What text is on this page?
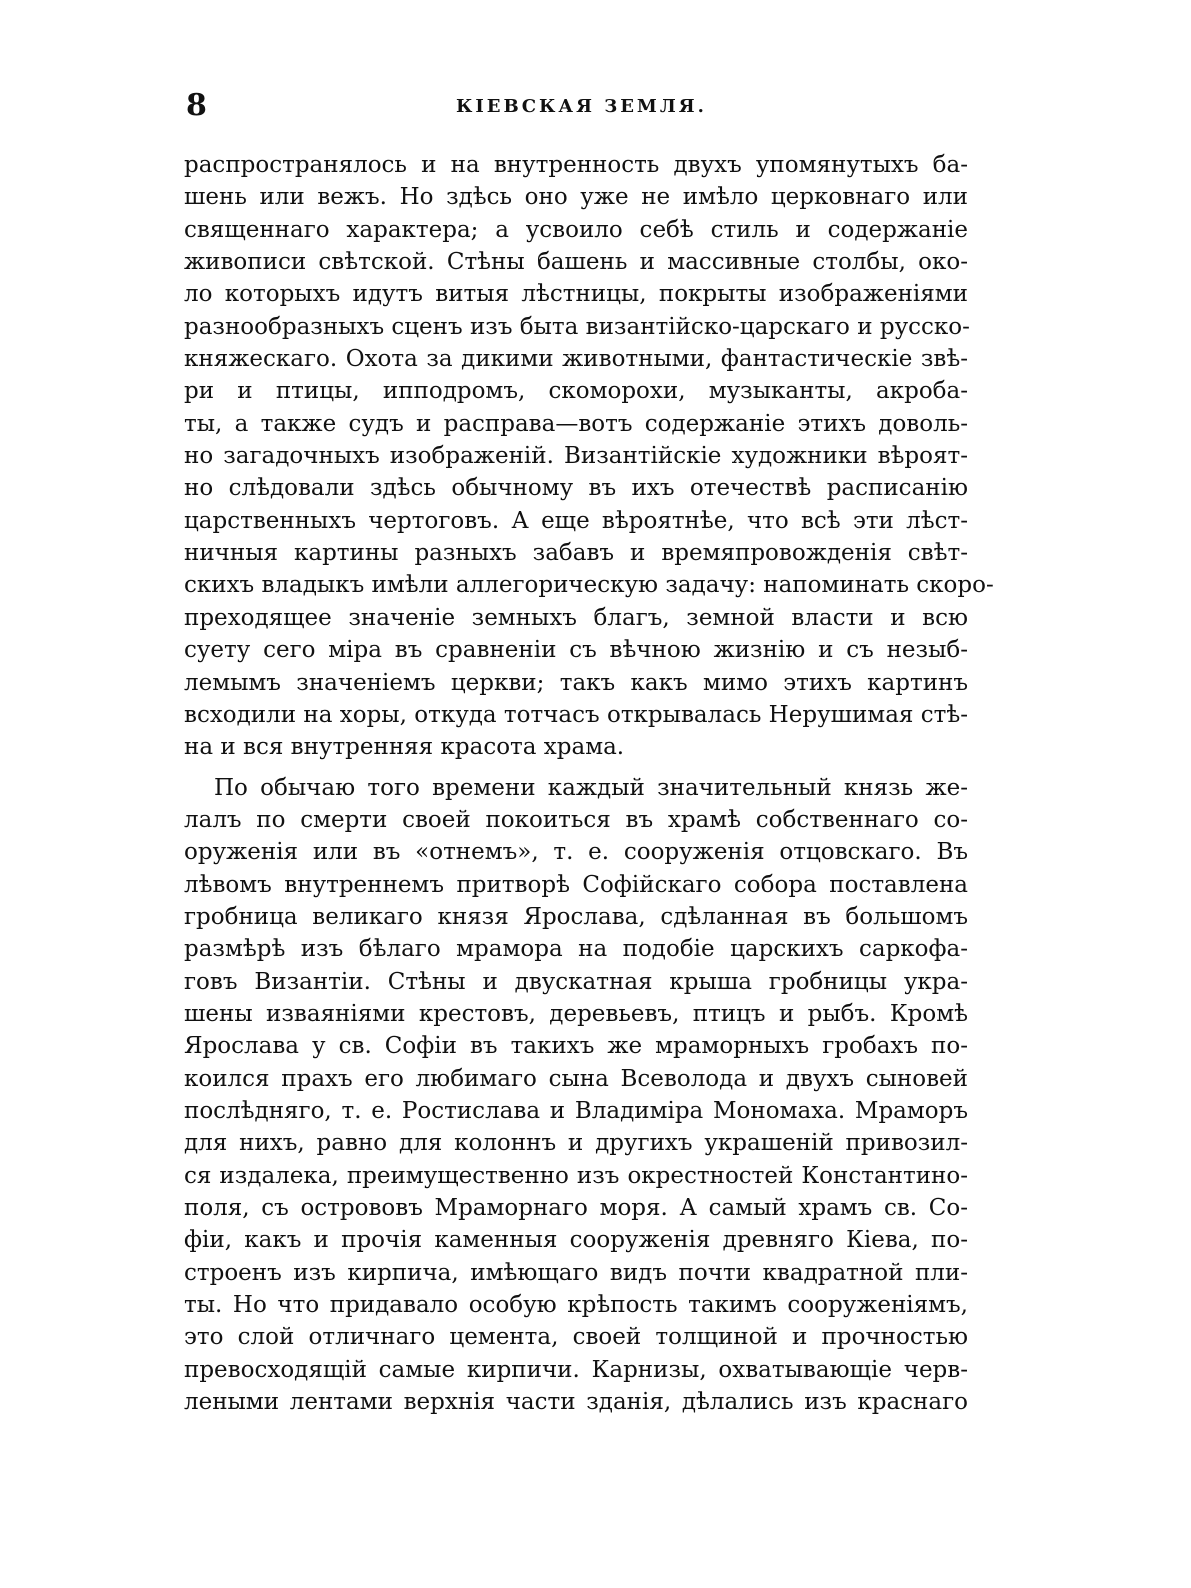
8	КІЕВСКАЯ ЗЕМЛЯ.
распространялось и на внутренность двухъ упомянутыхъ ба-
шень или вежъ. Но здѣсь оно уже не имѣло церковнаго или
священнаго характера; а усвоило себѣ стиль и содержаніе
живописи свѣтской. Стѣны башень и массивные столбы, око-
ло которыхъ идутъ витыя лѣстницы, покрыты изображеніями
разнообразныхъ сценъ изъ быта византійско-царскаго и русско-
княжескаго. Охота за дикими животными, фантастическіе звѣ-
ри и птицы, ипподромъ, скоморохи, музыканты, акроба-
ты, а также судъ и расправа—вотъ содержаніе этихъ доволь-
но загадочныхъ изображеній. Византійскіе художники вѣроят-
но слѣдовали здѣсь обычному въ ихъ отечествѣ расписанію
царственныхъ чертоговъ. А еще вѣроятнѣе, что всѣ эти лѣст-
ничныя картины разныхъ забавъ и времяпровожденія свѣт-
скихъ владыкъ имѣли аллегорическую задачу: напоминать скоро-
преходящее значеніе земныхъ благъ, земной власти и всю
суету сего міра въ сравненіи съ вѣчною жизнію и съ незыб-
лемымъ значеніемъ церкви; такъ какъ мимо этихъ картинъ
всходили на хоры, откуда тотчасъ открывалась Нерушимая стѣ-
на и вся внутренняя красота храма.
По обычаю того времени каждый значительный князь же-
лалъ по смерти своей покоиться въ храмѣ собственнаго со-
оруженія или въ «отнемъ», т. е. сооруженія отцовскаго. Въ
лѣвомъ внутреннемъ притворѣ Софійскаго собора поставлена
гробница великаго князя Ярослава, сдѣланная въ большомъ
размѣрѣ изъ бѣлаго мрамора на подобіе царскихъ саркофа-
говъ Византіи. Стѣны и двускатная крыша гробницы укра-
шены изваяніями крестовъ, деревьевъ, птицъ и рыбъ. Кромѣ
Ярослава у св. Софіи въ такихъ же мраморныхъ гробахъ по-
коился прахъ его любимаго сына Всеволода и двухъ сыновей
послѣдняго, т. е. Ростислава и Владиміра Мономаха. Мраморъ
для нихъ, равно для колоннъ и другихъ украшеній привозил-
ся издалека, преимущественно изъ окрестностей Константино-
поля, съ острововъ Мраморнаго моря. А самый храмъ св. Со-
фіи, какъ и прочія каменныя сооруженія древняго Кіева, по-
строенъ изъ кирпича, имѣющаго видъ почти квадратной пли-
ты. Но что придавало особую крѣпость такимъ сооруженіямъ,
это слой отличнаго цемента, своей толщиной и прочностью
превосходящій самые кирпичи. Карнизы, охватывающіе черв-
леными лентами верхнія части зданія, дѣлались изъ краснаго
